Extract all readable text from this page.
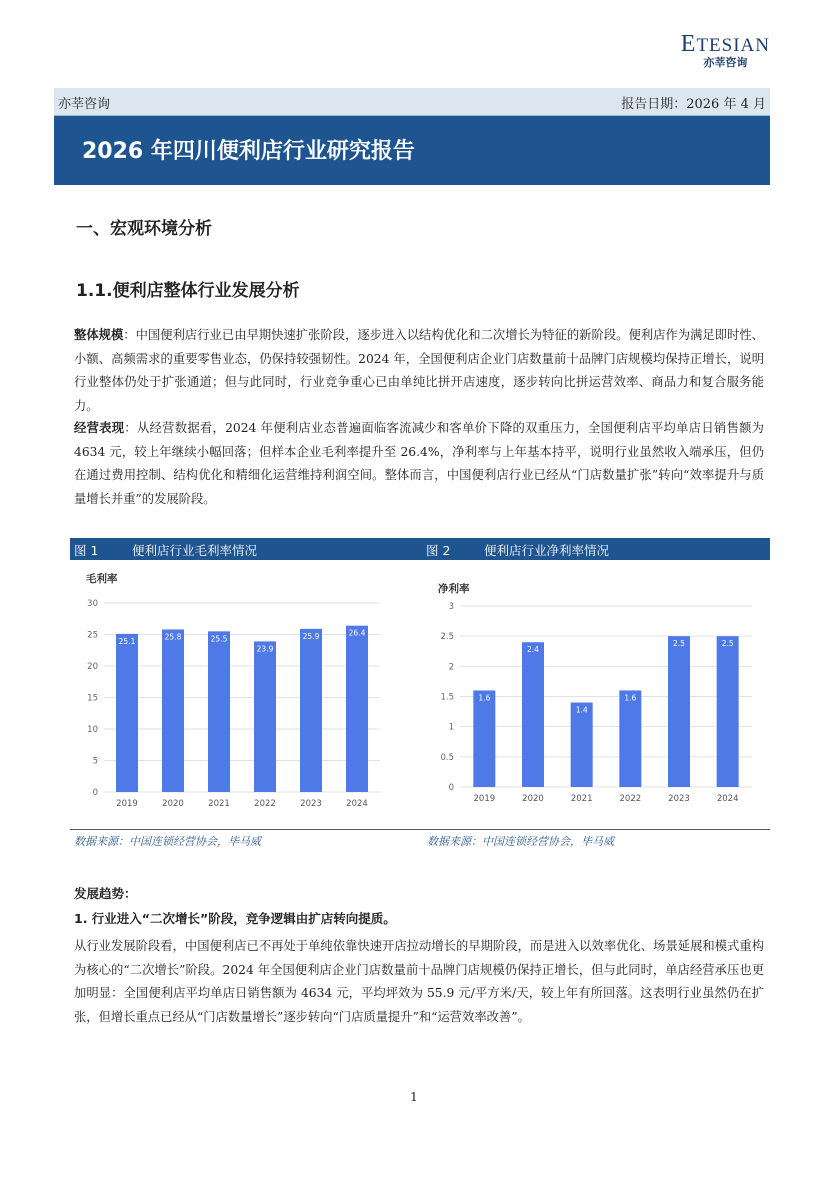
ETESIAN
亦莘咨询
亦莘咨询	报告日期：2026 年 4 月
2026 年四川便利店行业研究报告
一、宏观环境分析
1.1.便利店整体行业发展分析
整体规模：中国便利店行业已由早期快速扩张阶段，逐步进入以结构优化和二次增长为特征的新阶段。便利店作为满足即时性、小额、高频需求的重要零售业态，仍保持较强韧性。2024 年，全国便利店企业门店数量前十品牌门店规模均保持正增长，说明行业整体仍处于扩张通道；但与此同时，行业竞争重心已由单纯比拼开店速度，逐步转向比拼运营效率、商品力和复合服务能力。
经营表现：从经营数据看，2024 年便利店业态普遍面临客流减少和客单价下降的双重压力，全国便利店平均单店日销售额为 4634 元，较上年继续小幅回落；但样本企业毛利率提升至 26.4%，净利率与上年基本持平，说明行业虽然收入端承压，但仍在通过费用控制、结构优化和精细化运营维持利润空间。整体而言，中国便利店行业已经从“门店数量扩张”转向“效率提升与质量增长并重”的发展阶段。
图 1	便利店行业毛利率情况	图 2	便利店行业净利率情况
毛利率
0
5
10
15
20
25
30
25.1
2019
25.8
2020
25.5
2021
23.9
2022
25.9
2023
26.4
2024
净利率
0
0.5
1
1.5
2
2.5
3
1.6
2019
2.4
2020
1.4
2021
1.6
2022
2.5
2023
2.5
2024
数据来源：中国连锁经营协会，毕马威	数据来源：中国连锁经营协会，毕马威
发展趋势：
1. 行业进入“二次增长”阶段，竞争逻辑由扩店转向提质。
从行业发展阶段看，中国便利店已不再处于单纯依靠快速开店拉动增长的早期阶段，而是进入以效率优化、场景延展和模式重构为核心的“二次增长”阶段。2024 年全国便利店企业门店数量前十品牌门店规模仍保持正增长，但与此同时，单店经营承压也更加明显：全国便利店平均单店日销售额为 4634 元，平均坪效为 55.9 元/平方米/天，较上年有所回落。这表明行业虽然仍在扩张，但增长重点已经从“门店数量增长”逐步转向“门店质量提升”和“运营效率改善”。
1
